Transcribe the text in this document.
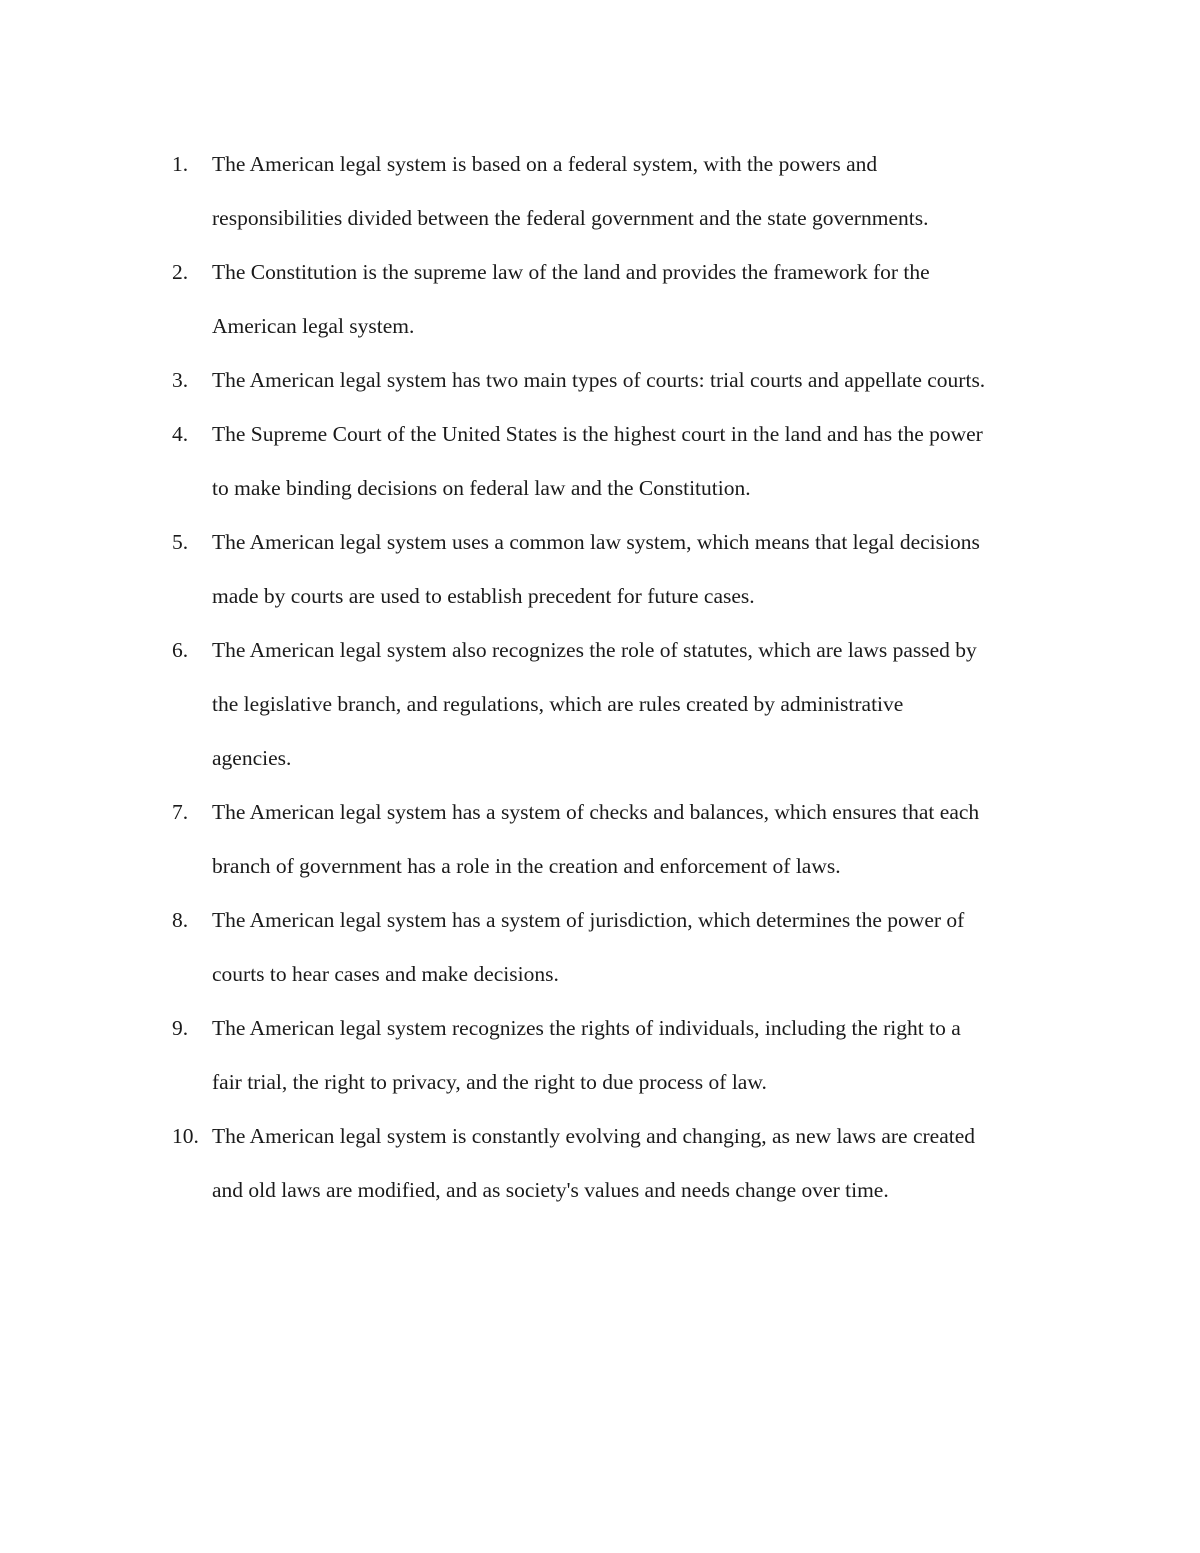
1.	The American legal system is based on a federal system, with the powers and
responsibilities divided between the federal government and the state governments.
2.	The Constitution is the supreme law of the land and provides the framework for the
American legal system.
3.	The American legal system has two main types of courts: trial courts and appellate courts.
4.	The Supreme Court of the United States is the highest court in the land and has the power
to make binding decisions on federal law and the Constitution.
5.	The American legal system uses a common law system, which means that legal decisions
made by courts are used to establish precedent for future cases.
6.	The American legal system also recognizes the role of statutes, which are laws passed by
the legislative branch, and regulations, which are rules created by administrative
agencies.
7.	The American legal system has a system of checks and balances, which ensures that each
branch of government has a role in the creation and enforcement of laws.
8.	The American legal system has a system of jurisdiction, which determines the power of
courts to hear cases and make decisions.
9.	The American legal system recognizes the rights of individuals, including the right to a
fair trial, the right to privacy, and the right to due process of law.
10. The American legal system is constantly evolving and changing, as new laws are created
and old laws are modified, and as society's values and needs change over time.
